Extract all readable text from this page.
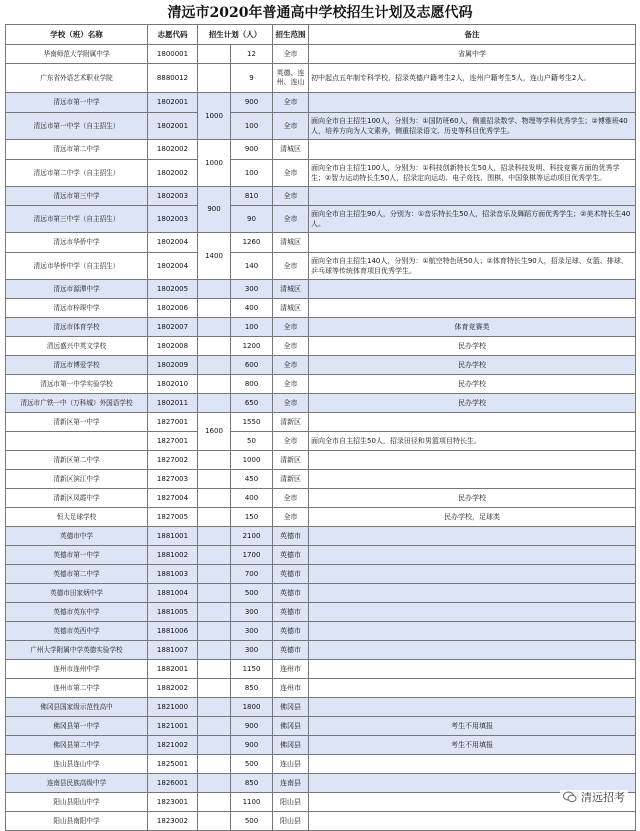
清远市2020年普通高中学校招生计划及志愿代码
学校（班）名称	志愿代码	招生计划（人）		招生范围	备注
华南师范大学附属中学	1800001		12	全市	省属中学
广东省外语艺术职业学院	8880012		9	英德、连州、连山	初中起点五年制专科学校，招录英德户籍考生2人，连州户籍考生5人，连山户籍考生2人。
清远市第一中学	1802001	1000	900	全市	
清远市第一中学（自主招生）	1802001		100	全市	面向全市自主招生100人，分别为：①国防班60人，侧重招录数学、物理等学科优秀学生；②博雅班40人，培养方向为人文素养，侧重招录语文、历史等科目优秀学生。
清远市第二中学	1802002	1000	900	清城区	
清远市第二中学（自主招生）	1802002		100	全市	面向全市自主招生100人，分别为：①科技创新特长生50人，招录科技发明、科技竞赛方面的优秀学生；②智力运动特长生50人，招录定向运动、电子竞技、围棋、中国象棋等运动项目优秀学生。
清远市第三中学	1802003	900	810	全市	
清远市第三中学（自主招生）	1802003		90	全市	面向全市自主招生90人，分别为：①音乐特长生50人，招录音乐及舞蹈方面优秀学生；②美术特长生40人。
清远市华侨中学	1802004	1400	1260	清城区	
清远市华侨中学（自主招生）	1802004		140	全市	面向全市自主招生140人，分别为：①航空特色班50人；②体育特长生90人，招录足球、女篮、排球、乒乓球等传统体育项目优秀学生。
清远市源潭中学	1802005		300	清城区	
清远市梓琛中学	1802006		400	清城区	
清远市体育学校	1802007		100	全市	体育竞赛类
清远盛兴中英文学校	1802008		1200	全市	民办学校
清远市博爱学校	1802009		600	全市	民办学校
清远市第一中学实验学校	1802010		800	全市	民办学校
清远市广铁一中（万科城）外国语学校	1802011		650	全市	民办学校
清新区第一中学	1827001	1600	1550	清新区	
	1827001		50	全市	面向全市自主招生50人，招录田径和男篮项目特长生。
清新区第二中学	1827002		1000	清新区	
清新区滨江中学	1827003		450	清新区	
清新区凤霞中学	1827004		400	全市	民办学校
恒大足球学校	1827005		150	全市	民办学校，足球类
英德市中学	1881001		2100	英德市	
英德市第一中学	1881002		1700	英德市	
英德市第二中学	1881003		700	英德市	
英德市田家炳中学	1881004		500	英德市	
英德市英东中学	1881005		300	英德市	
英德市英西中学	1881006		300	英德市	
广州大学附属中学英德实验学校	1881007		300	英德市	
连州市连州中学	1882001		1150	连州市	
连州市第二中学	1882002		850	连州市	
佛冈县国家级示范性高中	1821000		1800	佛冈县	
佛冈县第一中学	1821001		900	佛冈县	考生不用填报
佛冈县第二中学	1821002		900	佛冈县	考生不用填报
连山县连山中学	1825001		500	连山县	
连南县民族高级中学	1826001		850	连南县	
阳山县阳山中学	1823001		1100	阳山县	
阳山县南阳中学	1823002		500	阳山县	
清远招考
